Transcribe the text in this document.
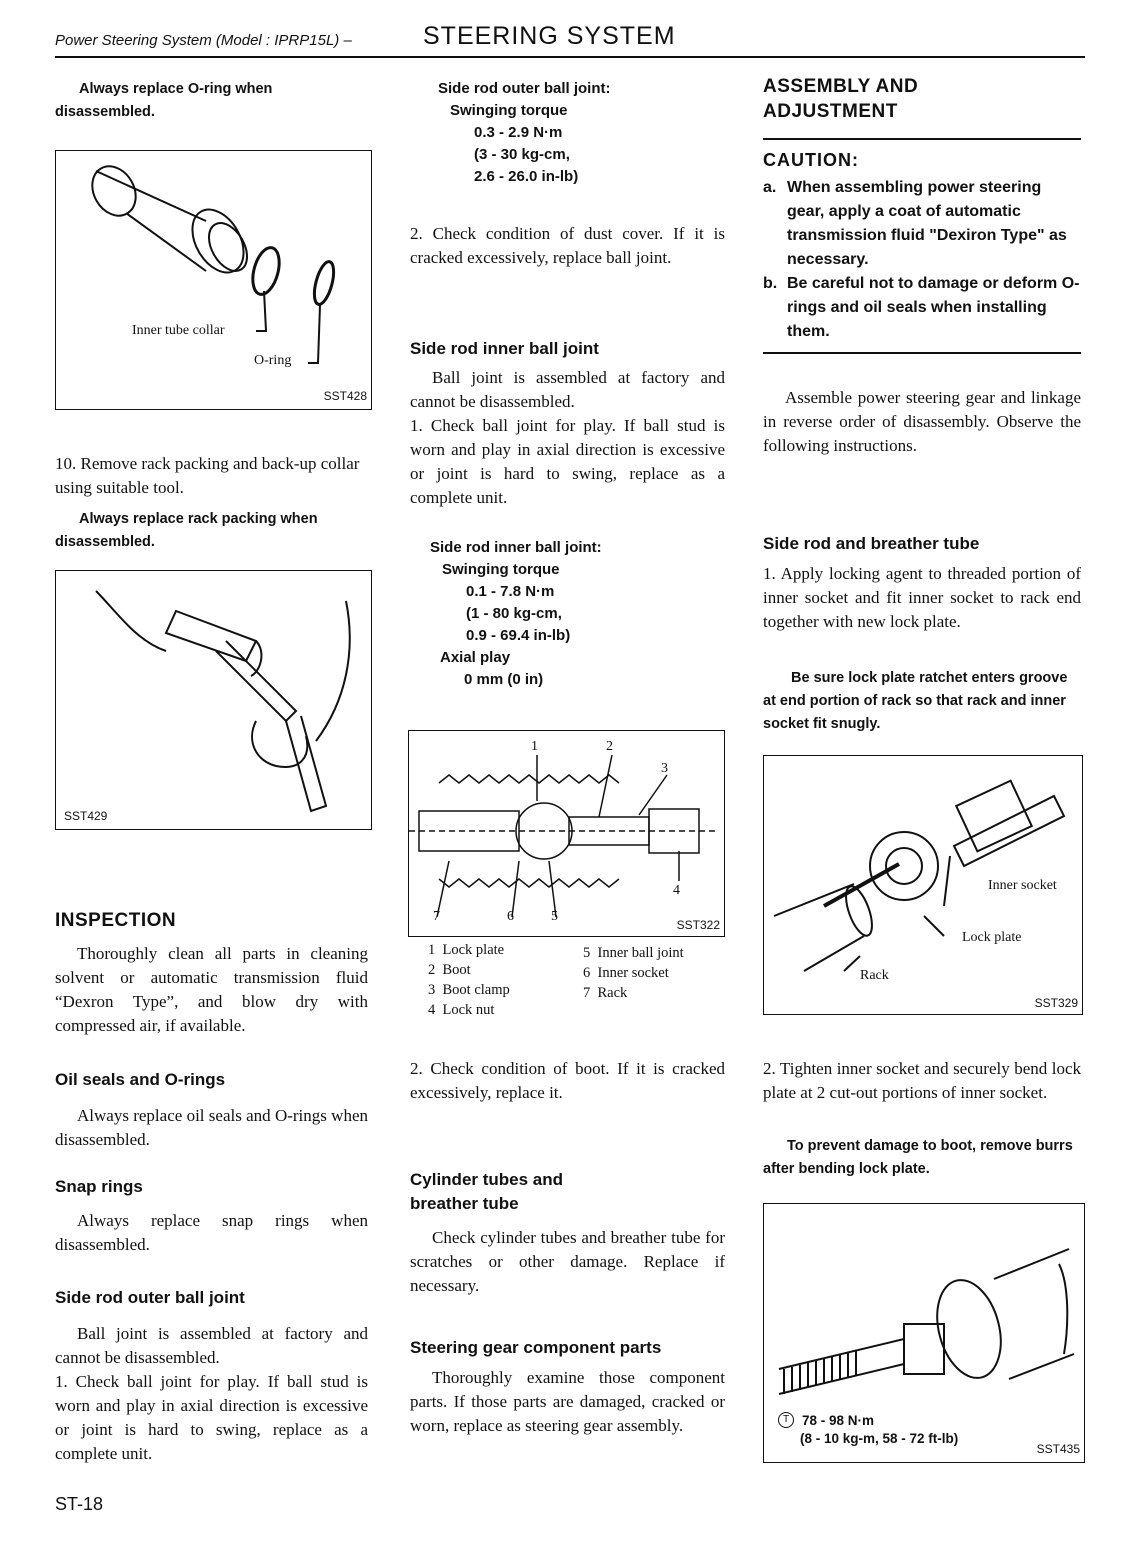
Power Steering System (Model : IPRP15L) –	STEERING SYSTEM
Always replace O-ring when disassembled.
Inner tube collar
O-ring
SST428
10. Remove rack packing and back-up collar using suitable tool.
Always replace rack packing when disassembled.
SST429
INSPECTION
Thoroughly clean all parts in cleaning solvent or automatic transmission fluid “Dexron Type”, and blow dry with compressed air, if available.
Oil seals and O-rings
Always replace oil seals and O-rings when disassembled.
Snap rings
Always replace snap rings when disassembled.
Side rod outer ball joint
Ball joint is assembled at factory and cannot be disassembled.
1. Check ball joint for play. If ball stud is worn and play in axial direction is excessive or joint is hard to swing, replace as a complete unit.
ST-18
Side rod outer ball joint:
Swinging torque
0.3 - 2.9 N·m
(3 - 30 kg-cm,
2.6 - 26.0 in-lb)
2. Check condition of dust cover. If it is cracked excessively, replace ball joint.
Side rod inner ball joint
Ball joint is assembled at factory and cannot be disassembled.
1. Check ball joint for play. If ball stud is worn and play in axial direction is excessive or joint is hard to swing, replace as a complete unit.
Side rod inner ball joint:
Swinging torque
0.1 - 7.8 N·m
(1 - 80 kg-cm,
0.9 - 69.4 in-lb)
Axial play
0 mm (0 in)
1	2
3
4
5
6
7
SST322
1 Lock plate
2 Boot
3 Boot clamp
4 Lock nut
5 Inner ball joint
6 Inner socket
7 Rack
2. Check condition of boot. If it is cracked excessively, replace it.
Cylinder tubes and
breather tube
Check cylinder tubes and breather tube for scratches or other damage. Replace if necessary.
Steering gear component parts
Thoroughly examine those component parts. If those parts are damaged, cracked or worn, replace as steering gear assembly.
ASSEMBLY AND
ADJUSTMENT
CAUTION:
a. When assembling power steering gear, apply a coat of automatic transmission fluid "Dexiron Type" as necessary.
b. Be careful not to damage or deform O-rings and oil seals when installing them.
Assemble power steering gear and linkage in reverse order of disassembly. Observe the following instructions.
Side rod and breather tube
1. Apply locking agent to threaded portion of inner socket and fit inner socket to rack end together with new lock plate.
Be sure lock plate ratchet enters groove at end portion of rack so that rack and inner socket fit snugly.
Inner socket
Lock plate
Rack
SST329
2. Tighten inner socket and securely bend lock plate at 2 cut-out portions of inner socket.
To prevent damage to boot, remove burrs after bending lock plate.
T 78 - 98 N·m
(8 - 10 kg-m, 58 - 72 ft-lb)
SST435
